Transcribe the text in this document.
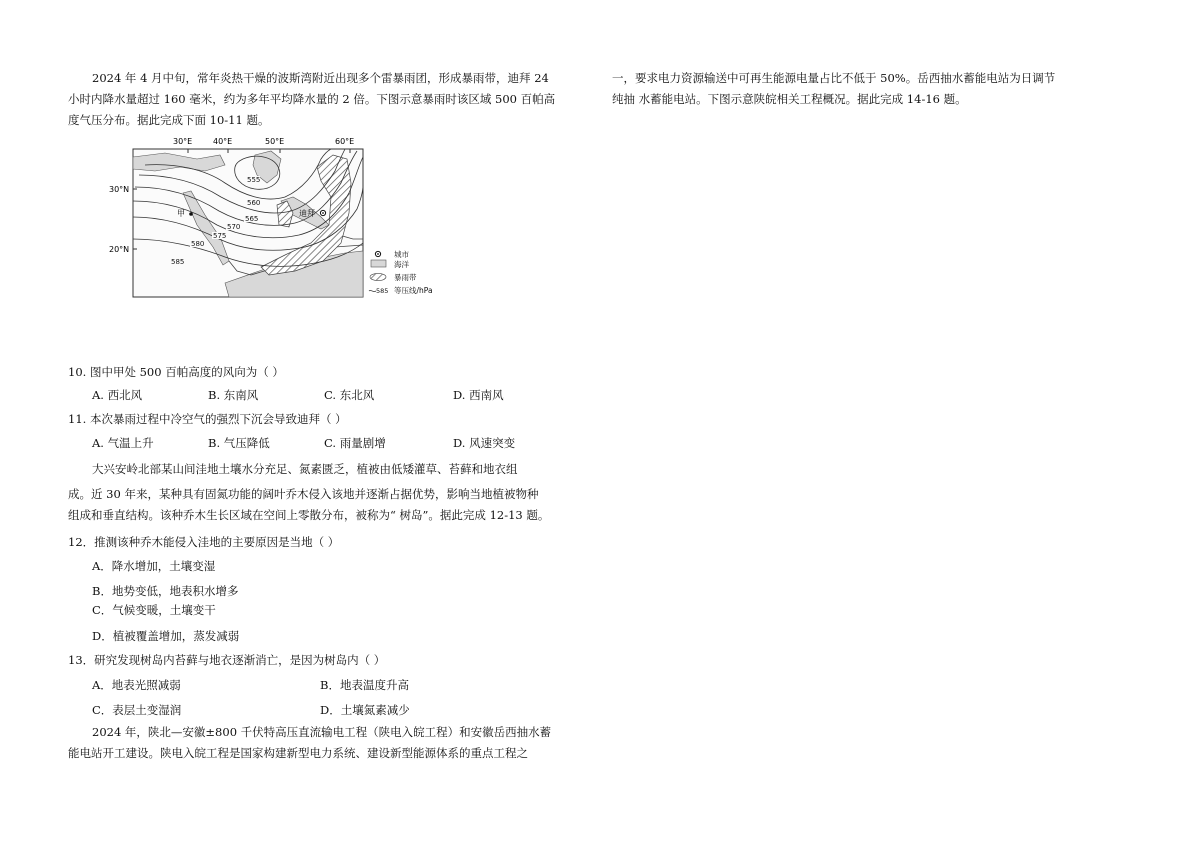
2024 年 4 月中旬，常年炎热干燥的波斯湾附近出现多个雷暴雨团，形成暴雨带，迪拜 24
小时内降水量超过 160 毫米，约为多年平均降水量的 2 倍。下图示意暴雨时该区域 500 百帕高
度气压分布。据此完成下面 10-11 题。
30°E	40°E	50°E	60°E
30°N
20°N
555
560
565
570
575
580
585
甲	迪拜
城市
海洋
暴雨带
585 等压线/hPa
10. 图中甲处 500 百帕高度的风向为（ ）
A. 西北风	B. 东南风	C. 东北风	D. 西南风
11. 本次暴雨过程中冷空气的强烈下沉会导致迪拜（ ）
A. 气温上升	B. 气压降低	C. 雨量剧增	D. 风速突变
大兴安岭北部某山间洼地土壤水分充足、氮素匮乏，植被由低矮灌草、苔藓和地衣组
成。近 30 年来，某种具有固氮功能的阔叶乔木侵入该地并逐渐占据优势，影响当地植被物种
组成和垂直结构。该种乔木生长区域在空间上零散分布，被称为“ 树岛”。据此完成 12-13 题。
12．推测该种乔木能侵入洼地的主要原因是当地（ ）
A．降水增加，土壤变湿
B．地势变低，地表积水增多
C．气候变暖，土壤变干
D．植被覆盖增加，蒸发减弱
13．研究发现树岛内苔藓与地衣逐渐消亡，是因为树岛内（ ）
A．地表光照减弱	B．地表温度升高
C．表层土变湿润	D．土壤氮素减少
2024 年，陕北—安徽±800 千伏特高压直流输电工程（陕电入皖工程）和安徽岳西抽水蓄
能电站开工建设。陕电入皖工程是国家构建新型电力系统、建设新型能源体系的重点工程之
一，要求电力资源输送中可再生能源电量占比不低于 50%。岳西抽水蓄能电站为日调节
纯抽 水蓄能电站。下图示意陕皖相关工程概况。据此完成 14-16 题。
